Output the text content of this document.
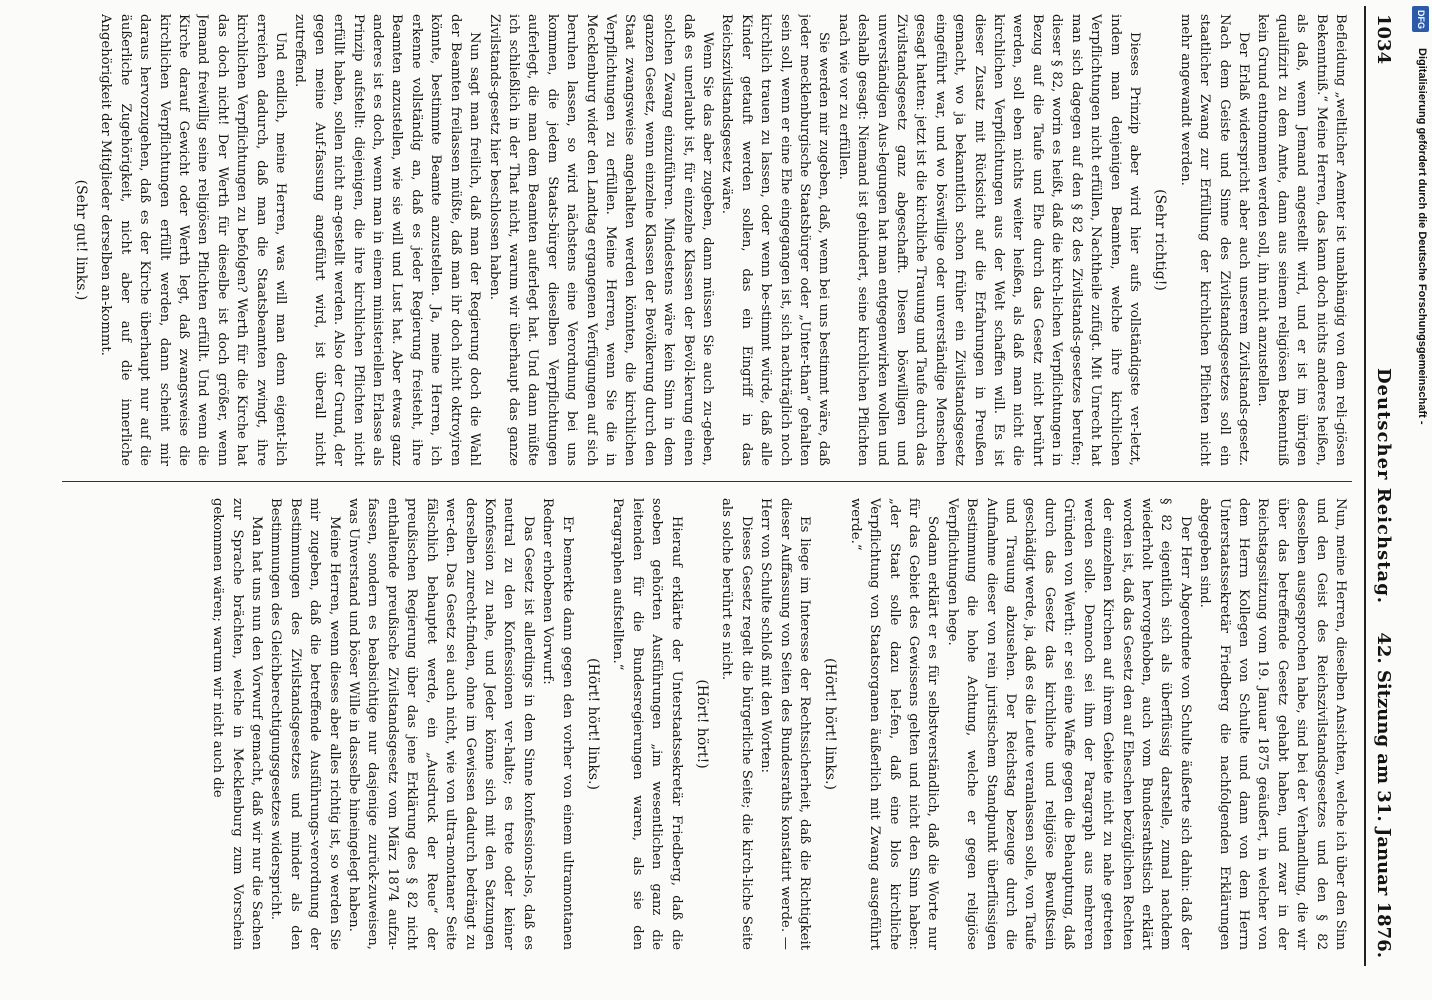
1034
Deutscher Reichstag.
42. Sitzung am 31. Januar 1876.

Befleidung „weltlicher Aemter ist unabhängig von dem reli-giösen Bekenntniß.“ Meine Herren, das kann doch nichts anderes heißen, als daß, wenn Jemand angestellt wird, und er ist im übrigen qualifizirt zu dem Amte, dann aus seinem religiösen Bekenntniß kein Grund entnommen werden soll, ihn nicht anzustellen.

Der Erlaß widerspricht aber auch unserem Zivilstands-gesetz. Nach dem Geiste und Sinne des Zivilstandsgesetzes soll ein staatlicher Zwang zur Erfüllung der kirchlichen Pflichten nicht mehr angewandt werden.

(Sehr richtig!)

Dieses Prinzip aber wird hier aufs vollständigste ver-letzt, indem man denjenigen Beamten, welche ihre kirchlichen Verpflichtungen nicht erfüllen, Nachtheile zufügt. Mit Unrecht hat man sich dagegen auf den § 82 des Zivilstands-gesetzes berufen; dieser § 82, worin es heißt, daß die kirch-lichen Verpflichtungen in Bezug auf die Taufe und Ehe durch das Gesetz nicht berührt werden, soll eben nichts weiter heißen, als daß man nicht die kirchlichen Verpflichtungen aus der Welt schaffen will. Es ist dieser Zusatz mit Rücksicht auf die Erfahrungen in Preußen gemacht, wo ja bekanntlich schon früher ein Zivilstandsgesetz eingeführt war, und wo böswillige oder unverständige Menschen gesagt hatten: jetzt ist die kirchliche Trauung und Taufe durch das Zivilstandsgesetz ganz abgeschafft. Diesen böswilligen und unverständigen Aus-legungen hat man entgegenwirken wollen und deshalb gesagt: Niemand ist gehindert, seine kirchlichen Pflichten nach wie vor zu erfüllen.

Sie werden mir zugeben, daß, wenn bei uns bestimmt wäre, daß jeder mecklenburgische Staatsbürger oder „Unter-than“ gehalten sein soll, wenn er eine Ehe eingegangen ist, sich nachträglich noch kirchlich trauen zu lassen, oder wenn be-stimmt würde, daß alle Kinder getauft werden sollen, das ein Eingriff in das Reichszivilstandsgesetz wäre.

Wenn Sie das aber zugeben, dann müssen Sie auch zu-geben, daß es unerlaubt ist, für einzelne Klassen der Bevöl-kerung einen solchen Zwang einzuführen. Mindestens wäre kein Sinn in dem ganzen Gesetz, wenn einzelne Klassen der Bevölkerung durch den Staat zwangsweise angehalten werden könnten, die kirchlichen Verpflichtungen zu erfüllen. Meine Herren, wenn Sie die in Mecklenburg wider den Landtag ergangenen Verfügungen auf sich beruhen lassen, so wird nächstens eine Verordnung bei uns kommen, die jedem Staats-bürger dieselben Verpflichtungen auferlegt, die man dem Beamten auferlegt hat. Und dann müßte ich schließlich in der That nicht, warum wir überhaupt das ganze Zivilstands-gesetz hier beschlossen haben.

Nun sagt man freilich, daß man der Regierung doch die Wahl der Beamten freilassen müßte, daß man ihr doch nicht oktroyiren könnte, bestimmte Beamte anzustellen. Ja, meine Herren, ich erkenne vollständig an, daß es jeder Regierung freisteht, ihre Beamten anzustellen, wie sie will und Lust hat. Aber etwas ganz anderes ist es doch, wenn man in einem ministeriellen Erlasse als Prinzip aufstellt: diejenigen, die ihre kirchlichen Pflichten nicht erfüllt haben, sollen nicht an-gestellt werden. Also der Grund, der gegen meine Auf-fassung angeführt wird, ist überall nicht zutreffend.

Und endlich, meine Herren, was will man denn eigent-lich erreichen dadurch, daß man die Staatsbeamten zwingt, ihre kirchlichen Verpflichtungen zu befolgen? Werth für die Kirche hat das doch nicht! Der Werth für dieselbe ist doch größer, wenn Jemand freiwillig seine religiösen Pflichten erfüllt. Und wenn die Kirche darauf Gewicht oder Werth legt, daß zwangsweise die kirchlichen Verpflichtungen erfüllt werden, dann scheint mir daraus hervorzugehen, daß es der Kirche überhaupt nur auf die äußerliche Zugehörigkeit, nicht aber auf die innerliche Angehörigkeit der Mitglieder derselben an-kommt.

(Sehr gut! links.)

Nun, meine Herren, dieselben Ansichten, welche ich über den Sinn und den Geist des Reichszivilstandsgesetzes und den § 82 desselben ausgesprochen habe, sind bei der Verhandlung, die wir über das betreffende Gesetz gehabt haben, und zwar in der Reichstagssitzung vom 19. Januar 1875 geäußert, in welcher von dem Herrn Kollegen von Schulte und dann von dem Herrn Unterstaatssekretär Friedberg die nachfolgenden Erklärungen abgegeben sind.

Der Herr Abgeordnete von Schulte äußerte sich dahin: daß der § 82 eigentlich sich als überflüssig darstelle, zumal nachdem wiederholt hervorgehoben, auch vom Bundesrathstisch erklärt worden ist, daß das Gesetz den auf Eheschen bezüglichen Rechten der einzelnen Kirchen auf ihrem Gebiete nicht zu nahe getreten werden solle. Dennoch sei ihm der Paragraph aus mehreren Gründen von Werth: er sei eine Waffe gegen die Behauptung, daß durch das Gesetz das kirchliche und religiöse Bewußtsein geschädigt werde, ja, daß es die Leute veranlassen solle, von Taufe und Trauung abzusehen. Der Reichstag bezeuge durch die Aufnahme dieser von rein juristischem Standpunkt überflüssigen Bestimmung die hohe Achtung, welche er gegen religiöse Verpflichtungen hege.

Sodann erklärt er es für selbstverständlich, daß die Worte nur für das Gebiet des Gewissens gelten und nicht den Sinn haben: „der Staat solle dazu hel-fen, daß eine blos kirchliche Verpflichtung von Staatsorganen äußerlich mit Zwang ausgeführt werde.“

(Hört! hört! links.)

Es liege im Interesse der Rechtssicherheit, daß die Richtigkeit dieser Auffassung von Seiten des Bundesraths konstatirt werde. — Herr von Schulte schloß mit den Worten:

Dieses Gesetz regelt die bürgerliche Seite; die kirch-liche Seite als solche berührt es nicht.

(Hört! hört!)

Hierauf erklärte der Unterstaatssekretär Friedberg, daß die soeben gehörten Ausführungen „im wesentlichen ganz die leitenden für die Bundesregierungen waren, als sie den Paragraphen aufstellten.“

(Hört! hört! links.)

Er bemerkte dann gegen den vorher von einem ultramontanen Redner erhobenen Vorwurf:

Das Gesetz ist allerdings in dem Sinne konfessions-los, daß es neutral zu den Konfessionen ver-halte; es trete oder keiner Konfession zu nahe, und Jeder könne sich mit den Satzungen derselben zurecht-finden, ohne im Gewissen dadurch bedrängt zu wer-den. Das Gesetz sei auch nicht, wie von ultra-montaner Seite fälschlich behauptet werde, ein „Ausdruck der Reue“ der preußischen Regierung über das jene Erklärung des § 82 nicht enthaltende preußische Zivilstandsgesetz vom März 1874 aufzu-fassen, sondern es beabsichtige nur dasjenige zurück-zuweisen, was Unverstand und böser Wille in dasselbe hineingelegt haben.

Meine Herren, wenn dieses aber alles richtig ist, so werden Sie mir zugeben, daß die betreffende Ausführungs-verordnung der Bestimmungen des Zivilstandsgesetzes und minder als den Bestimmungen des Gleichberechtigungsgesetzes widerspricht.

Man hat uns nun den Vorwurf gemacht, daß wir nur die Sachen zur Sprache brächten, welche in Mecklenburg zum Vorschein gekommen wären; warum wir nicht auch die

DFG
Digitalisierung gefördert durch die Deutsche Forschungsgemeinschaft -
